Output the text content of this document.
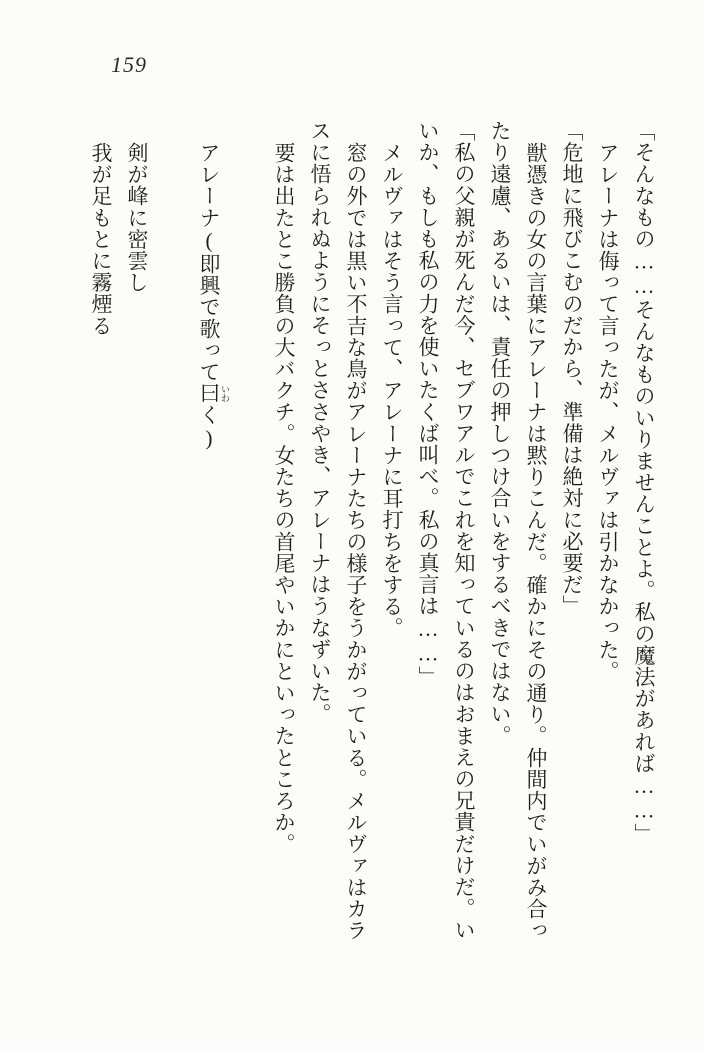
159

「そんなもの……そんなものいりませんことよ。私の魔法があれば……」

アレーナは侮って言ったが、メルヴァは引かなかった。

「危地に飛びこむのだから、準備は絶対に必要だ」

獣憑きの女の言葉にアレーナは黙りこんだ。確かにその通り。仲間内でいがみ合っ

たり遠慮、あるいは、責任の押しつけ合いをするべきではない。

「私の父親が死んだ今、セブワアルでこれを知っているのはおまえの兄貴だけだ。い

いか、もしも私の力を使いたくば叫べ。私の真言は……」

メルヴァはそう言って、アレーナに耳打ちをする。

窓の外では黒い不吉な鳥がアレーナたちの様子をうかがっている。メルヴァはカラ

スに悟られぬようにそっとささやき、アレーナはうなずいた。

要は出たとこ勝負の大バクチ。女たちの首尾やいかにといったところか。

アレーナ(即興で歌って曰 いわく)

剣が峰に密雲し

我が足もとに霧煙る
